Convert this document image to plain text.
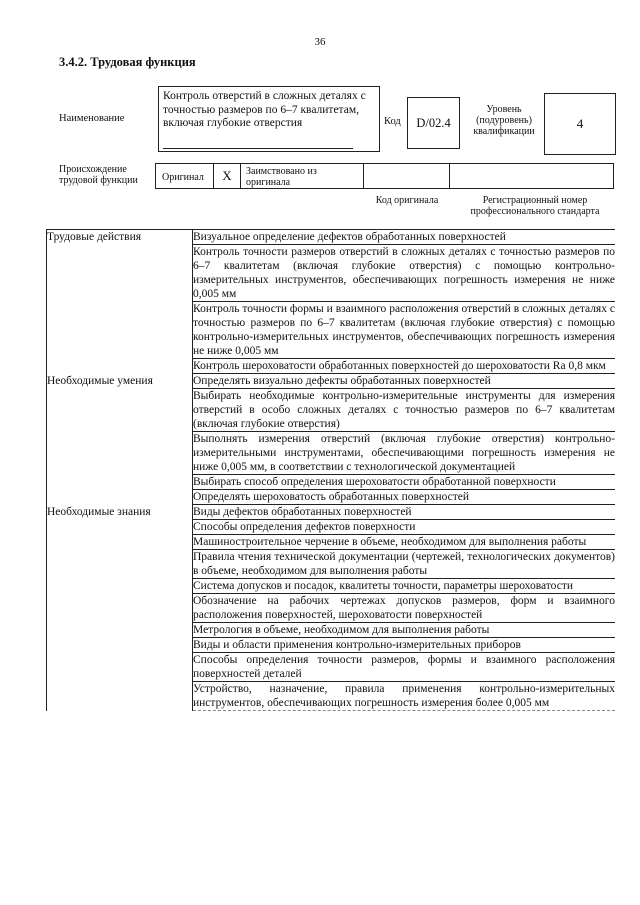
36
3.4.2. Трудовая функция
Наименование
Контроль отверстий в сложных деталях с точностью размеров по 6–7 квалитетам, включая глубокие отверстия	Код	D/02.4
Уровень (подуровень) квалификации
4
Происхождение трудовой функции	Оригинал	X	Заимствовано из оригинала
Код оригинала	Регистрационный номер профессионального стандарта
Трудовые действия	Визуальное определение дефектов обработанных поверхностей
	Контроль точности размеров отверстий в сложных деталях с точностью размеров по 6–7 квалитетам (включая глубокие отверстия) с помощью контрольно-измерительных инструментов, обеспечивающих погрешность измерения не ниже 0,005 мм
	Контроль точности формы и взаимного расположения отверстий в сложных деталях с точностью размеров по 6–7 квалитетам (включая глубокие отверстия) с помощью контрольно-измерительных инструментов, обеспечивающих погрешность измерения не ниже 0,005 мм
	Контроль шероховатости обработанных поверхностей до шероховатости Ra 0,8 мкм
Необходимые умения	Определять визуально дефекты обработанных поверхностей
	Выбирать необходимые контрольно-измерительные инструменты для измерения отверстий в особо сложных деталях с точностью размеров по 6–7 квалитетам (включая глубокие отверстия)
	Выполнять измерения отверстий (включая глубокие отверстия) контрольно-измерительными инструментами, обеспечивающими погрешность измерения не ниже 0,005 мм, в соответствии с технологической документацией
	Выбирать способ определения шероховатости обработанной поверхности
	Определять шероховатость обработанных поверхностей
Необходимые знания	Виды дефектов обработанных поверхностей
	Способы определения дефектов поверхности
	Машиностроительное черчение в объеме, необходимом для выполнения работы
	Правила чтения технической документации (чертежей, технологических документов) в объеме, необходимом для выполнения работы
	Система допусков и посадок, квалитеты точности, параметры шероховатости
	Обозначение на рабочих чертежах допусков размеров, форм и взаимного расположения поверхностей, шероховатости поверхностей
	Метрология в объеме, необходимом для выполнения работы
	Виды и области применения контрольно-измерительных приборов
	Способы определения точности размеров, формы и взаимного расположения поверхностей деталей
	Устройство, назначение, правила применения контрольно-измерительных инструментов, обеспечивающих погрешность измерения более 0,005 мм
